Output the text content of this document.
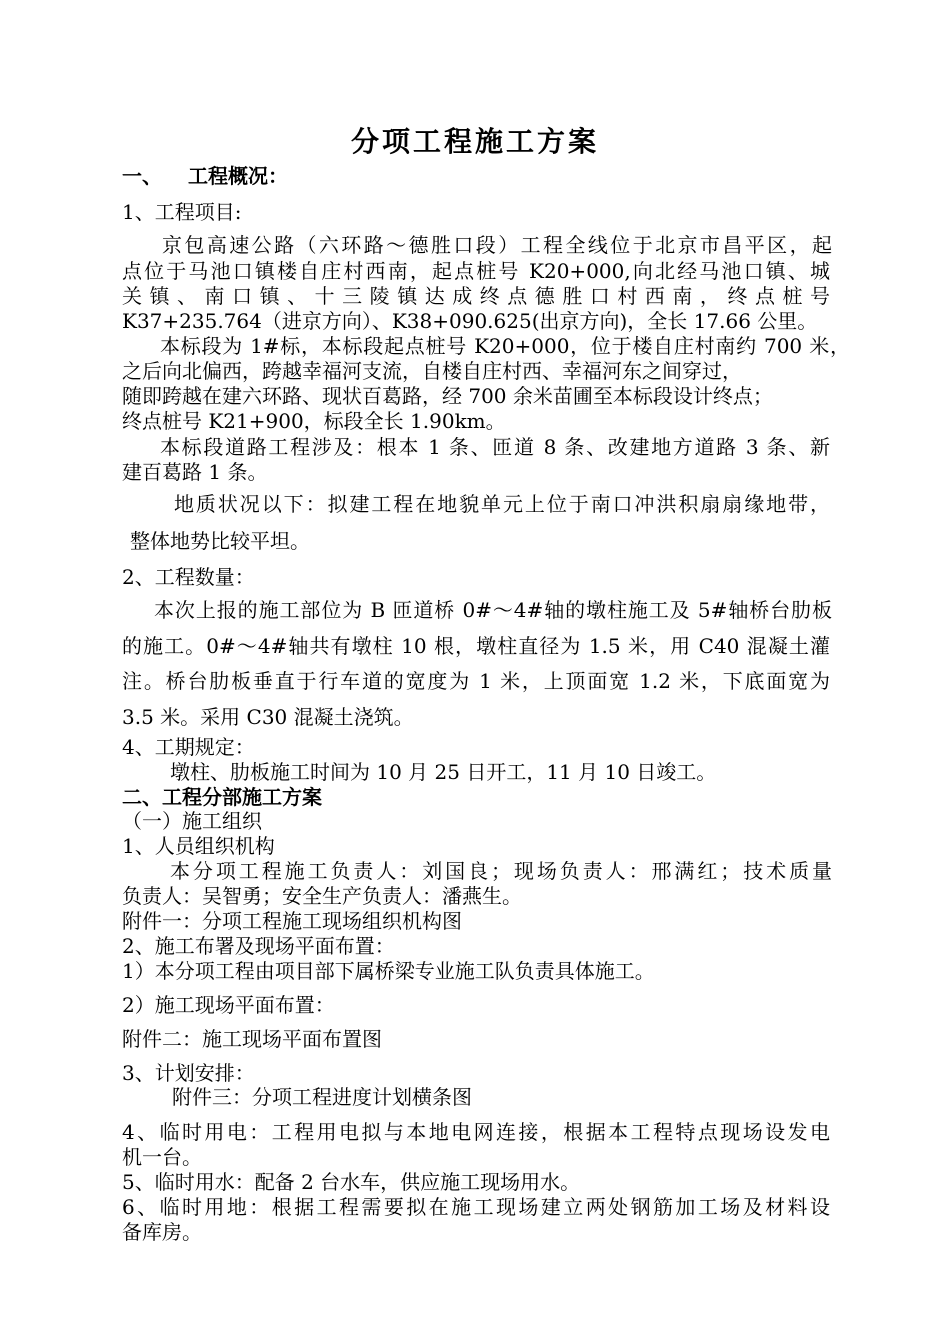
分项工程施工方案
一、 工程概况：
1、工程项目:
京包高速公路（六环路～德胜口段）工程全线位于北京市昌平区，起
点位于马池口镇楼自庄村西南，起点桩号 K20+000,向北经马池口镇、城
关镇、南口镇、十三陵镇达成终点德胜口村西南，终点桩号
K37+235.764（进京方向）、K38+090.625(出京方向)，全长 17.66 公里。
本标段为 1#标，本标段起点桩号 K20+000，位于楼自庄村南约 700 米，
之后向北偏西，跨越幸福河支流，自楼自庄村西、幸福河东之间穿过，
随即跨越在建六环路、现状百葛路，经 700 余米苗圃至本标段设计终点；
终点桩号 K21+900，标段全长 1.90km。
本标段道路工程涉及：根本 1 条、匝道 8 条、改建地方道路 3 条、新
建百葛路 1 条。
地质状况以下：拟建工程在地貌单元上位于南口冲洪积扇扇缘地带，
整体地势比较平坦。
2、工程数量：
本次上报的施工部位为 B 匝道桥 0#～4#轴的墩柱施工及 5#轴桥台肋板
的施工。0#～4#轴共有墩柱 10 根，墩柱直径为 1.5 米，用 C40 混凝土灌
注。桥台肋板垂直于行车道的宽度为 1 米，上顶面宽 1.2 米，下底面宽为
3.5 米。采用 C30 混凝土浇筑。
4、工期规定：
墩柱、肋板施工时间为 10 月 25 日开工，11 月 10 日竣工。
二、工程分部施工方案
（一）施工组织
1、人员组织机构
本分项工程施工负责人：刘国良；现场负责人：邢满红；技术质量
负责人：吴智勇；安全生产负责人：潘燕生。
附件一：分项工程施工现场组织机构图
2、施工布署及现场平面布置：
1）本分项工程由项目部下属桥梁专业施工队负责具体施工。
2）施工现场平面布置：
附件二：施工现场平面布置图
3、计划安排：
附件三：分项工程进度计划横条图
4、临时用电：工程用电拟与本地电网连接，根据本工程特点现场设发电
机一台。
5、临时用水：配备 2 台水车，供应施工现场用水。
6、临时用地：根据工程需要拟在施工现场建立两处钢筋加工场及材料设
备库房。
